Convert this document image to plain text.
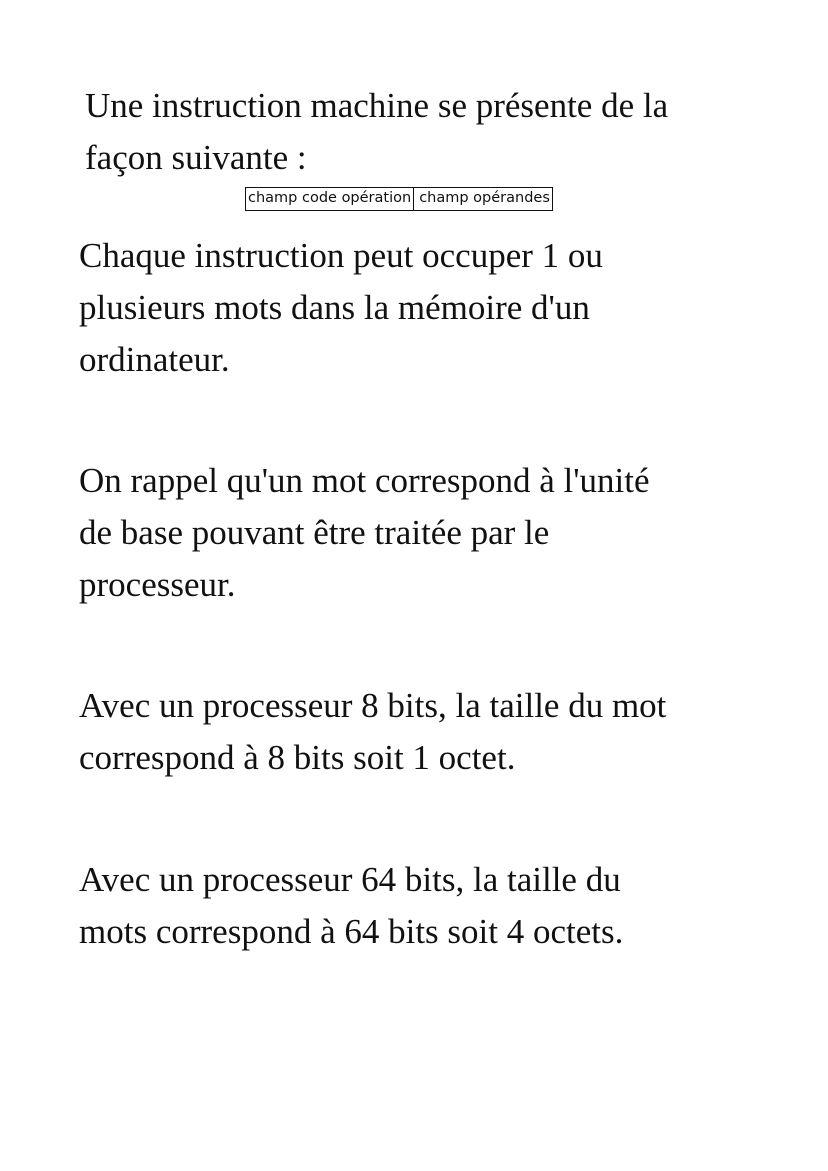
Une instruction machine se présente de la
façon suivante :

champ code opération champ opérandes

Chaque instruction peut occuper 1 ou
plusieurs mots dans la mémoire d'un
ordinateur.

On rappel qu'un mot correspond à l'unité
de base pouvant être traitée par le
processeur.

Avec un processeur 8 bits, la taille du mot
correspond à 8 bits soit 1 octet.

Avec un processeur 64 bits, la taille du
mots correspond à 64 bits soit 4 octets.
